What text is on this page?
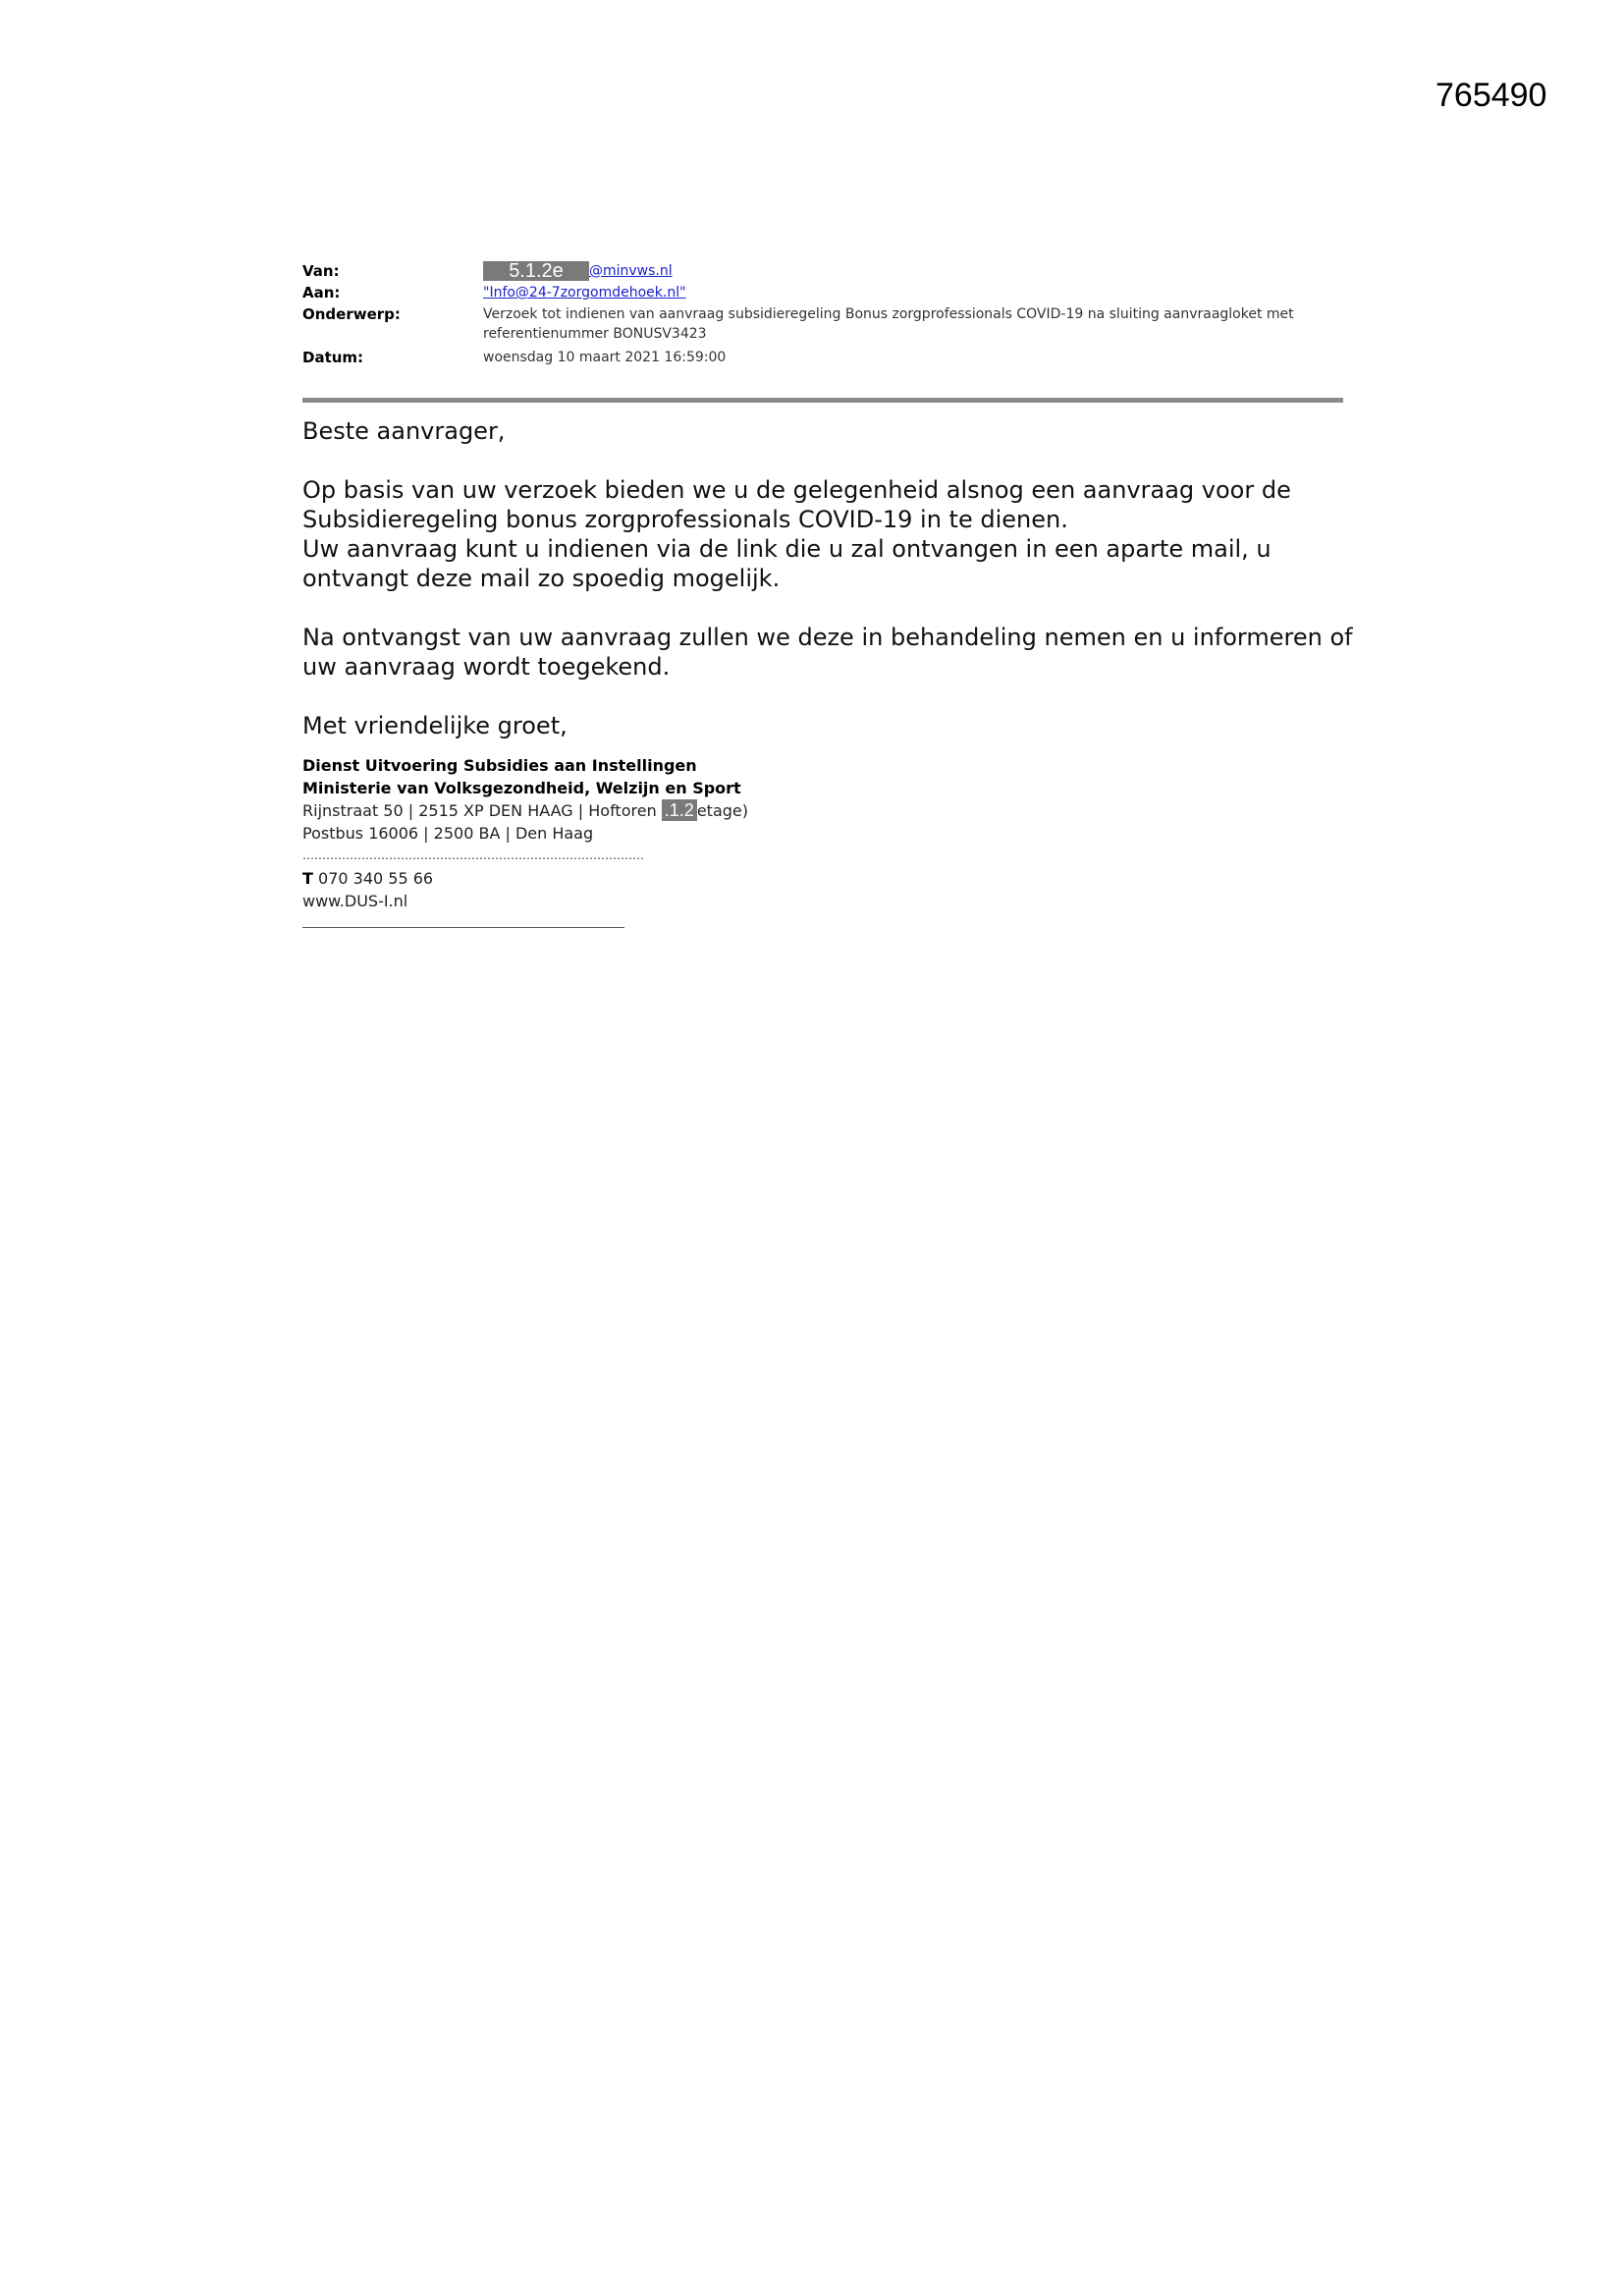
765490
Van:	5.1.2e @minvws.nl
Aan:	"Info@24-7zorgomdehoek.nl"
Onderwerp:	Verzoek tot indienen van aanvraag subsidieregeling Bonus zorgprofessionals COVID-19 na sluiting aanvraagloket met referentienummer BONUSV3423
Datum:	woensdag 10 maart 2021 16:59:00

Beste aanvrager,

Op basis van uw verzoek bieden we u de gelegenheid alsnog een aanvraag voor de Subsidieregeling bonus zorgprofessionals COVID-19 in te dienen.
Uw aanvraag kunt u indienen via de link die u zal ontvangen in een aparte mail, u ontvangt deze mail zo spoedig mogelijk.

Na ontvangst van uw aanvraag zullen we deze in behandeling nemen en u informeren of uw aanvraag wordt toegekend.

Met vriendelijke groet,

Dienst Uitvoering Subsidies aan Instellingen
Ministerie van Volksgezondheid, Welzijn en Sport
Rijnstraat 50 | 2515 XP DEN HAAG | Hoftoren .1.2 etage)
Postbus 16006 | 2500 BA | Den Haag
……………………………………………………………………………
T 070 340 55 66
www.DUS-I.nl
